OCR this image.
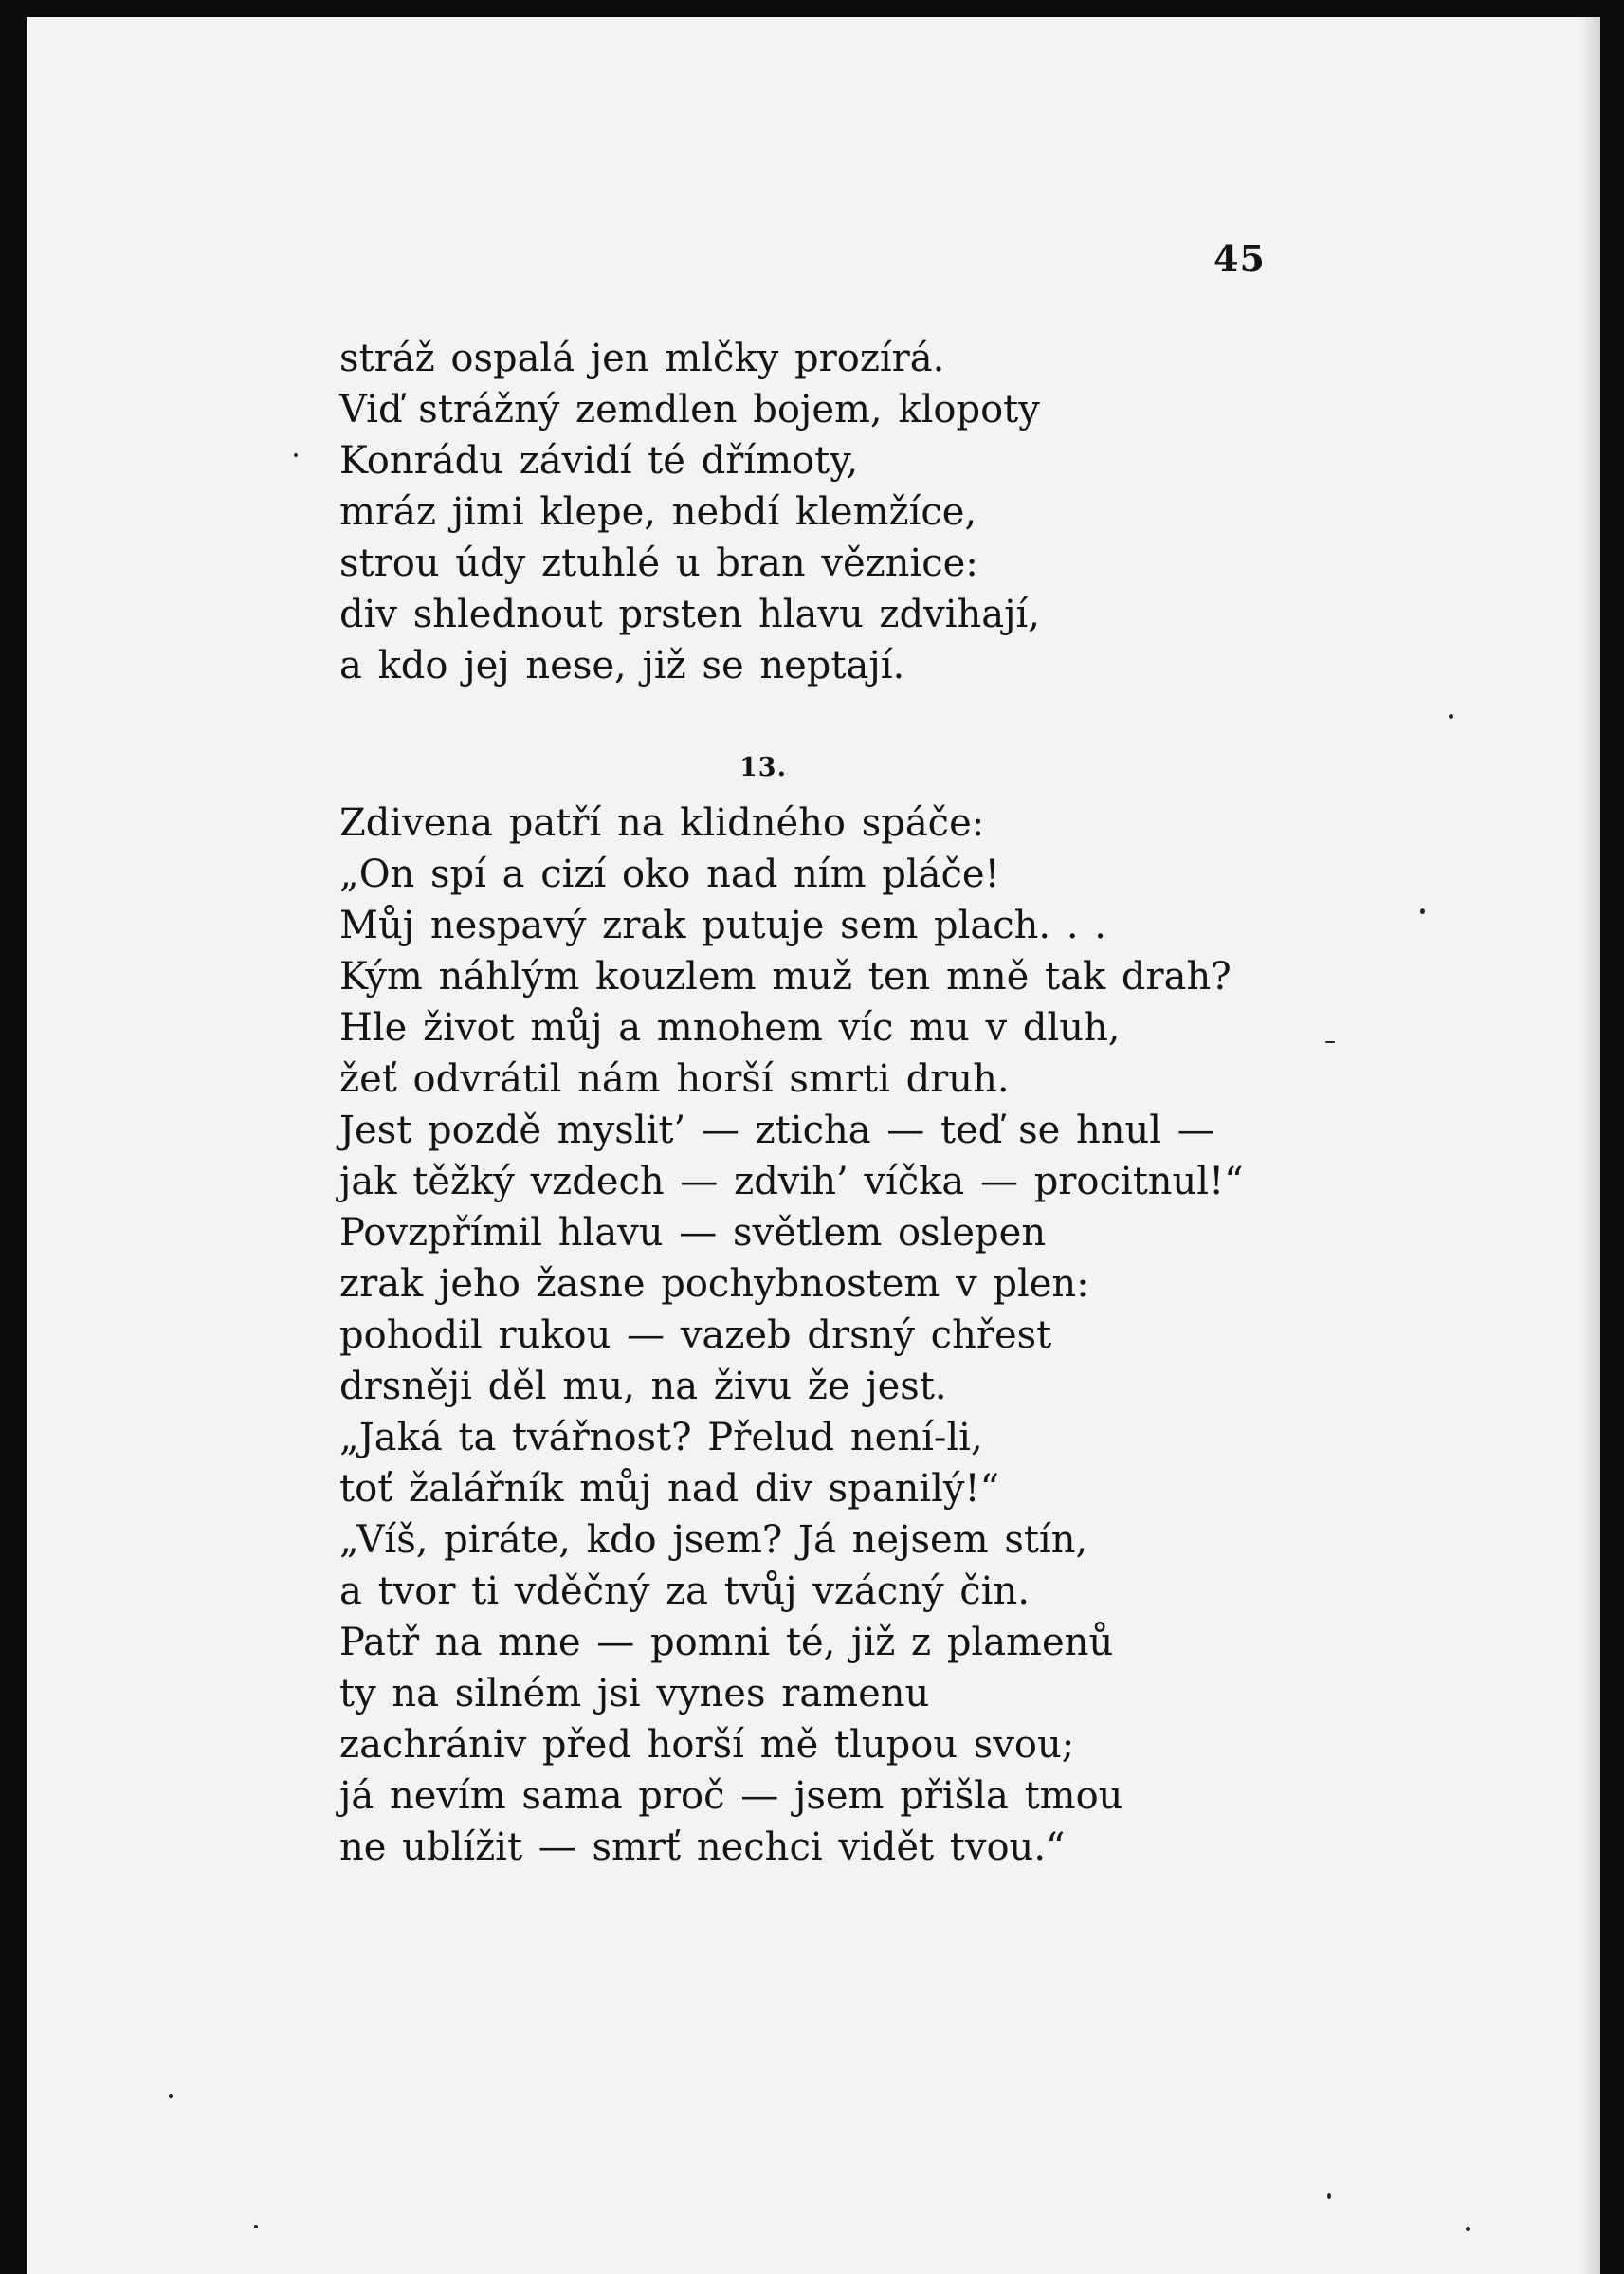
45
stráž ospalá jen mlčky prozírá.
Viď strážný zemdlen bojem, klopoty
Konrádu závidí té dřímoty,
mráz jimi klepe, nebdí klemžíce,
strou údy ztuhlé u bran věznice:
div shlednout prsten hlavu zdvihají,
a kdo jej nese, již se neptají.
13.
Zdivena patří na klidného spáče:
„On spí a cizí oko nad ním pláče!
Můj nespavý zrak putuje sem plach. . .
Kým náhlým kouzlem muž ten mně tak drah?
Hle život můj a mnohem víc mu v dluh,
žeť odvrátil nám horší smrti druh.
Jest pozdě myslit’ — zticha — teď se hnul —
jak těžký vzdech — zdvih’ víčka — procitnul!“
Povzpřímil hlavu — světlem oslepen
zrak jeho žasne pochybnostem v plen:
pohodil rukou — vazeb drsný chřest
drsněji děl mu, na živu že jest.
„Jaká ta tvářnost? Přelud není-li,
toť žalářník můj nad div spanilý!“
„Víš, piráte, kdo jsem? Já nejsem stín,
a tvor ti vděčný za tvůj vzácný čin.
Patř na mne — pomni té, již z plamenů
ty na silném jsi vynes ramenu
zachrániv před horší mě tlupou svou;
já nevím sama proč — jsem přišla tmou
ne ublížit — smrť nechci vidět tvou.“
